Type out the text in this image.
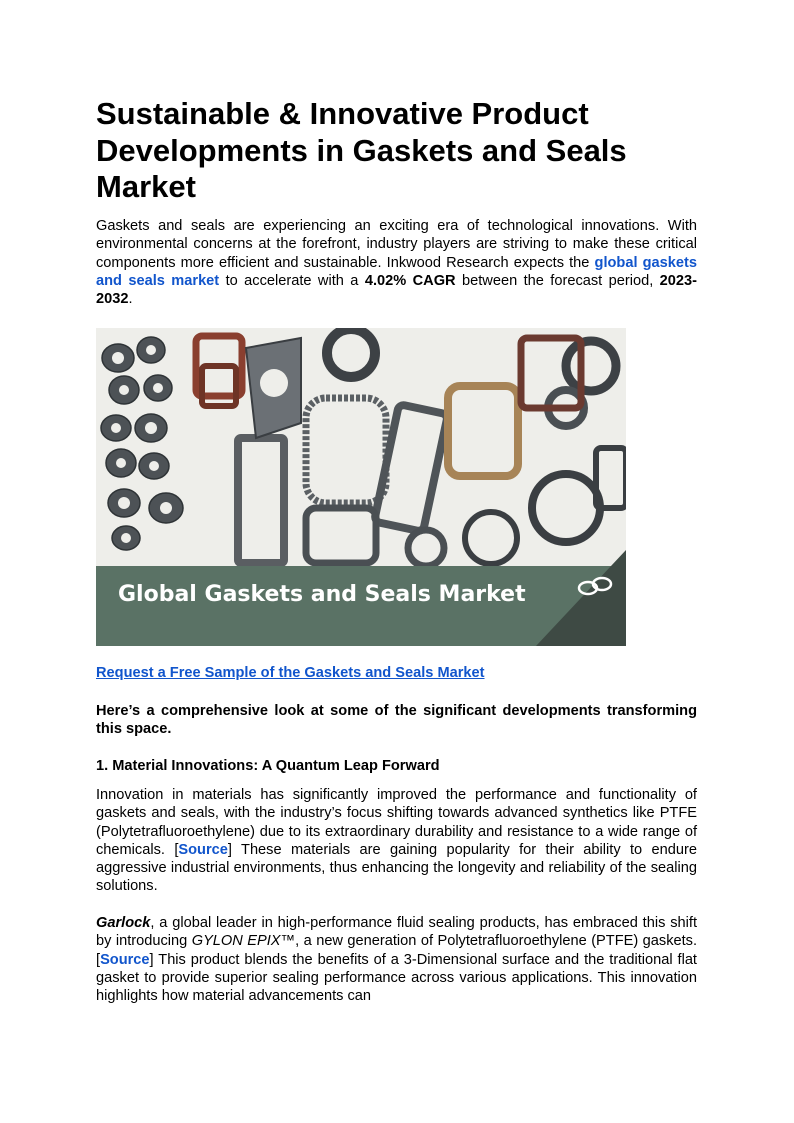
Sustainable & Innovative Product Developments in Gaskets and Seals Market

Gaskets and seals are experiencing an exciting era of technological innovations. With environmental concerns at the forefront, industry players are striving to make these critical components more efficient and sustainable. Inkwood Research expects the global gaskets and seals market to accelerate with a 4.02% CAGR between the forecast period, 2023-2032.

Global Gaskets and Seals Market
Request a Free Sample of the Gaskets and Seals Market

Here’s a comprehensive look at some of the significant developments transforming this space.

1. Material Innovations: A Quantum Leap Forward

Innovation in materials has significantly improved the performance and functionality of gaskets and seals, with the industry’s focus shifting towards advanced synthetics like PTFE (Polytetrafluoroethylene) due to its extraordinary durability and resistance to a wide range of chemicals. [Source] These materials are gaining popularity for their ability to endure aggressive industrial environments, thus enhancing the longevity and reliability of the sealing solutions.

Garlock, a global leader in high-performance fluid sealing products, has embraced this shift by introducing GYLON EPIX™, a new generation of Polytetrafluoroethylene (PTFE) gaskets. [Source] This product blends the benefits of a 3-Dimensional surface and the traditional flat gasket to provide superior sealing performance across various applications. This innovation highlights how material advancements can
